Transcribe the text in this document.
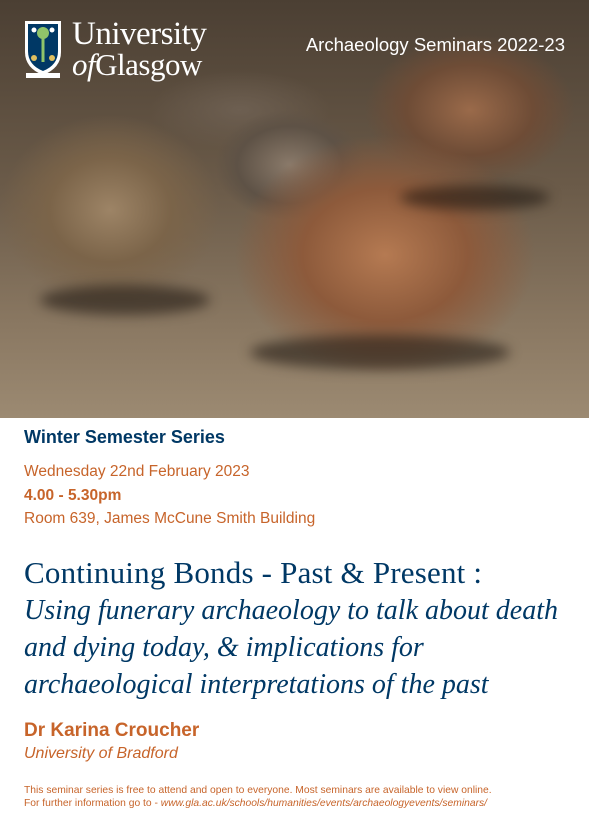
University
ofGlasgow
Archaeology Seminars 2022-23
Winter Semester Series
Wednesday 22nd February 2023
4.00 - 5.30pm
Room 639, James McCune Smith Building
Continuing Bonds - Past & Present :
Using funerary archaeology to talk about death and dying today, & implications for archaeological interpretations of the past
Dr Karina Croucher
University of Bradford
This seminar series is free to attend and open to everyone. Most seminars are available to view online.
For further information go to - www.gla.ac.uk/schools/humanities/events/archaeologyevents/seminars/
